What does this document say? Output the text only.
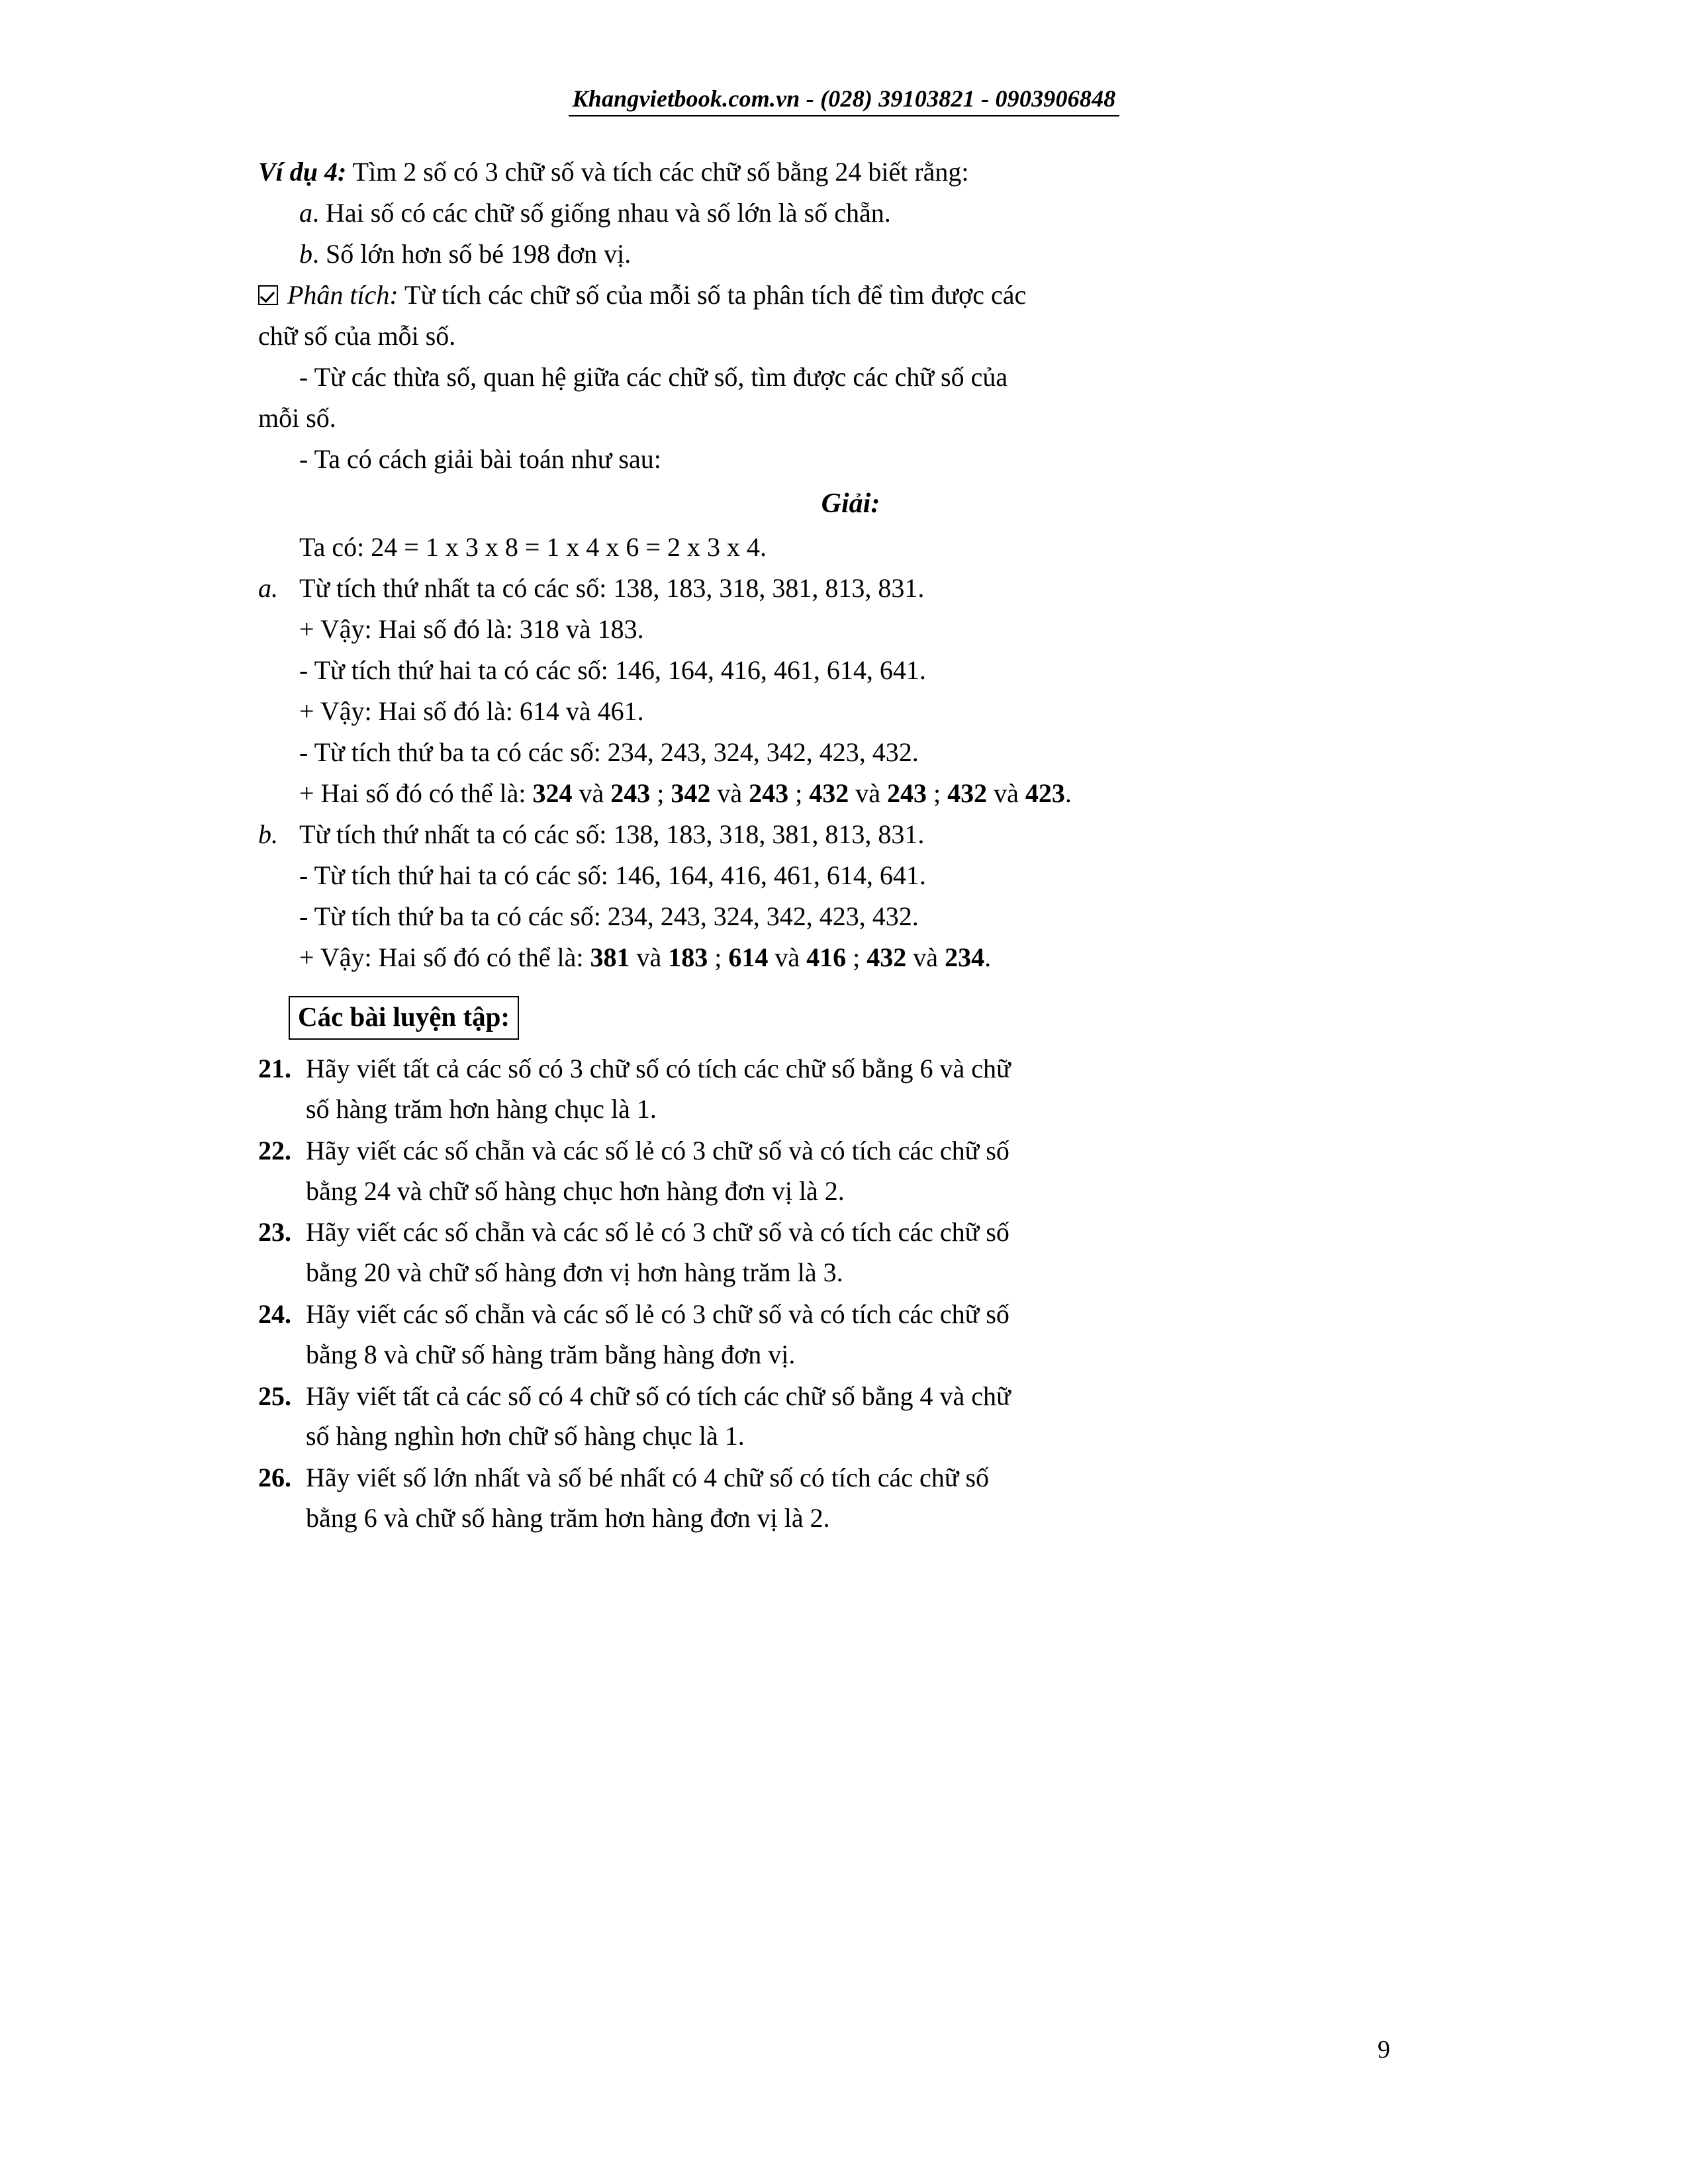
Khangvietbook.com.vn - (028) 39103821 - 0903906848

Ví dụ 4: Tìm 2 số có 3 chữ số và tích các chữ số bằng 24 biết rằng:

a. Hai số có các chữ số giống nhau và số lớn là số chẵn.

b. Số lớn hơn số bé 198 đơn vị.

Phân tích: Từ tích các chữ số của mỗi số ta phân tích để tìm được các

chữ số của mỗi số.

- Từ các thừa số, quan hệ giữa các chữ số, tìm được các chữ số của

mỗi số.

- Ta có cách giải bài toán như sau:

Giải:

Ta có: 24 = 1 x 3 x 8 = 1 x 4 x 6 = 2 x 3 x 4.

a. Từ tích thứ nhất ta có các số: 138, 183, 318, 381, 813, 831.

+ Vậy: Hai số đó là: 318 và 183.

- Từ tích thứ hai ta có các số: 146, 164, 416, 461, 614, 641.

+ Vậy: Hai số đó là: 614 và 461.

- Từ tích thứ ba ta có các số: 234, 243, 324, 342, 423, 432.

+ Hai số đó có thể là: 324 và 243 ; 342 và 243 ; 432 và 243 ; 432 và 423.

b. Từ tích thứ nhất ta có các số: 138, 183, 318, 381, 813, 831.

- Từ tích thứ hai ta có các số: 146, 164, 416, 461, 614, 641.

- Từ tích thứ ba ta có các số: 234, 243, 324, 342, 423, 432.

+ Vậy: Hai số đó có thể là: 381 và 183 ; 614 và 416 ; 432 và 234.

Các bài luyện tập:
21. Hãy viết tất cả các số có 3 chữ số có tích các chữ số bằng 6 và chữ
số hàng trăm hơn hàng chục là 1.
22. Hãy viết các số chẵn và các số lẻ có 3 chữ số và có tích các chữ số
bằng 24 và chữ số hàng chục hơn hàng đơn vị là 2.
23. Hãy viết các số chẵn và các số lẻ có 3 chữ số và có tích các chữ số
bằng 20 và chữ số hàng đơn vị hơn hàng trăm là 3.
24. Hãy viết các số chẵn và các số lẻ có 3 chữ số và có tích các chữ số
bằng 8 và chữ số hàng trăm bằng hàng đơn vị.
25. Hãy viết tất cả các số có 4 chữ số có tích các chữ số bằng 4 và chữ
số hàng nghìn hơn chữ số hàng chục là 1.
26. Hãy viết số lớn nhất và số bé nhất có 4 chữ số có tích các chữ số
bằng 6 và chữ số hàng trăm hơn hàng đơn vị là 2.
9
